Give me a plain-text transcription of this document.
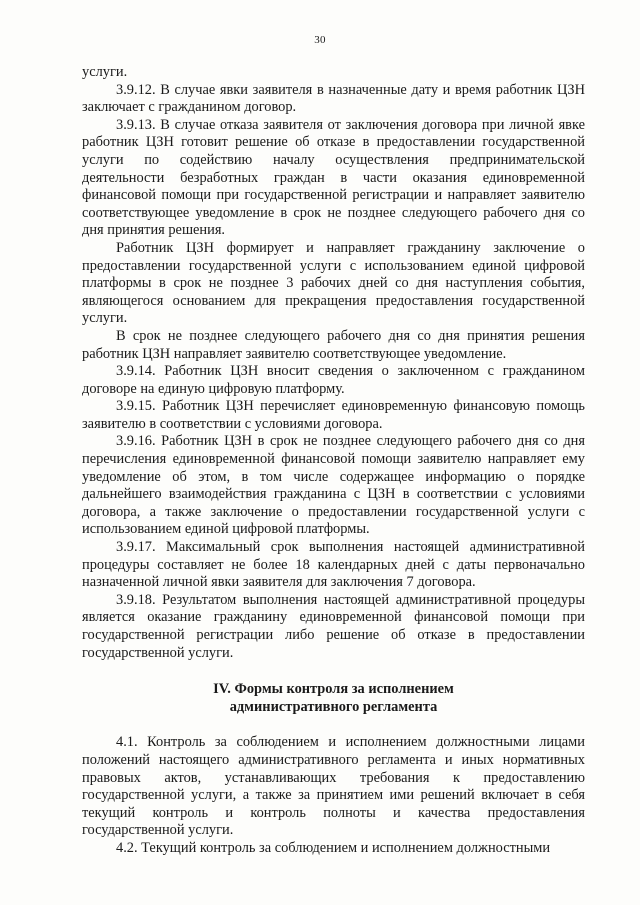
30

услуги.

3.9.12. В случае явки заявителя в назначенные дату и время работник ЦЗН заключает с гражданином договор.

3.9.13. В случае отказа заявителя от заключения договора при личной явке работник ЦЗН готовит решение об отказе в предоставлении государственной услуги по содействию началу осуществления предпринимательской деятельности безработных граждан в части оказания единовременной финансовой помощи при государственной регистрации и направляет заявителю соответствующее уведомление в срок не позднее следующего рабочего дня со дня принятия решения.

Работник ЦЗН формирует и направляет гражданину заключение о предоставлении государственной услуги с использованием единой цифровой платформы в срок не позднее 3 рабочих дней со дня наступления события, являющегося основанием для прекращения предоставления государственной услуги.

В срок не позднее следующего рабочего дня со дня принятия решения работник ЦЗН направляет заявителю соответствующее уведомление.

3.9.14. Работник ЦЗН вносит сведения о заключенном с гражданином договоре на единую цифровую платформу.

3.9.15. Работник ЦЗН перечисляет единовременную финансовую помощь заявителю в соответствии с условиями договора.

3.9.16. Работник ЦЗН в срок не позднее следующего рабочего дня со дня перечисления единовременной финансовой помощи заявителю направляет ему уведомление об этом, в том числе содержащее информацию о порядке дальнейшего взаимодействия гражданина с ЦЗН в соответствии с условиями договора, а также заключение о предоставлении государственной услуги с использованием единой цифровой платформы.

3.9.17. Максимальный срок выполнения настоящей административной процедуры составляет не более 18 календарных дней с даты первоначально назначенной личной явки заявителя для заключения 7 договора.

3.9.18. Результатом выполнения настоящей административной процедуры является оказание гражданину единовременной финансовой помощи при государственной регистрации либо решение об отказе в предоставлении государственной услуги.

IV. Формы контроля за исполнением
административного регламента

4.1. Контроль за соблюдением и исполнением должностными лицами положений настоящего административного регламента и иных нормативных правовых актов, устанавливающих требования к предоставлению государственной услуги, а также за принятием ими решений включает в себя текущий контроль и контроль полноты и качества предоставления государственной услуги.

4.2. Текущий контроль за соблюдением и исполнением должностными
